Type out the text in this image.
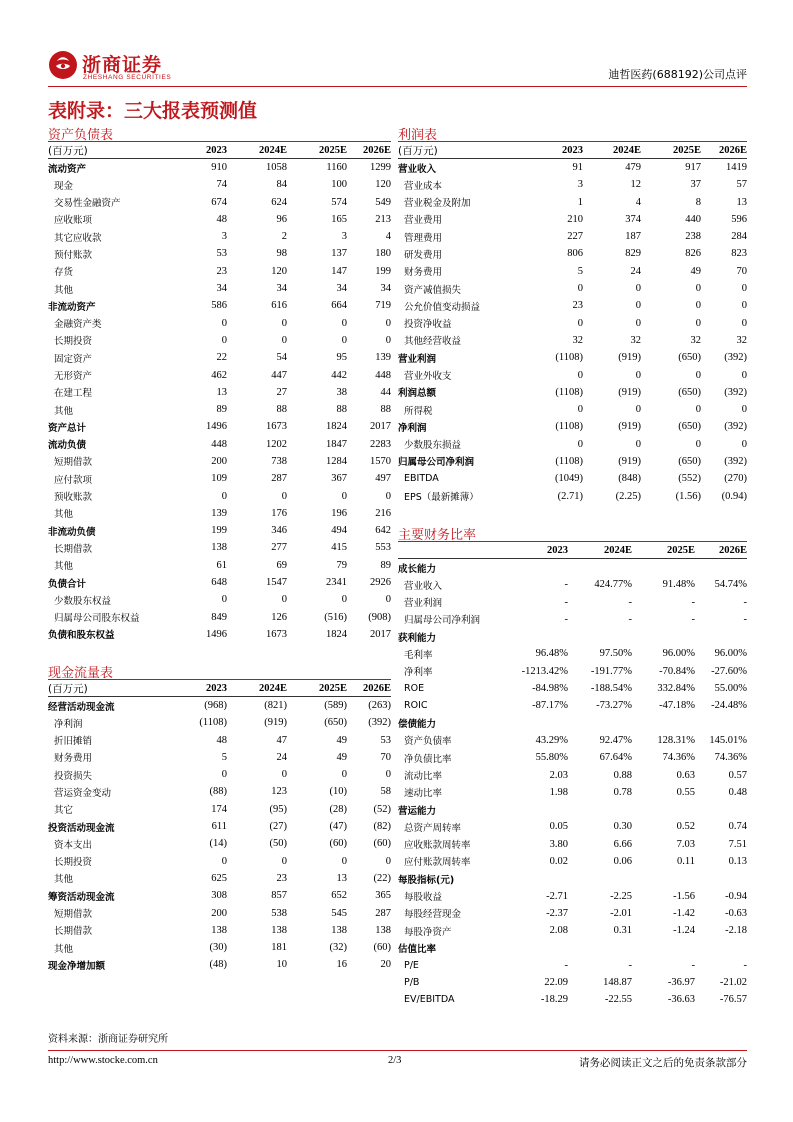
浙商证券
ZHESHANG SECURITIES	迪哲医药(688192)公司点评
表附录：三大报表预测值
资产负债表	利润表
现金流量表
主要财务比率
(百万元)	2023	2024E	2025E	2026E
流动资产	910	1058	1160	1299
现金	74	84	100	120
交易性金融资产	674	624	574	549
应收账项	48	96	165	213
其它应收款	3	2	3	4
预付账款	53	98	137	180
存货	23	120	147	199
其他	34	34	34	34
非流动资产	586	616	664	719
金融资产类	0	0	0	0
长期投资	0	0	0	0
固定资产	22	54	95	139
无形资产	462	447	442	448
在建工程	13	27	38	44
其他	89	88	88	88
资产总计	1496	1673	1824	2017
流动负债	448	1202	1847	2283
短期借款	200	738	1284	1570
应付款项	109	287	367	497
预收账款	0	0	0	0
其他	139	176	196	216
非流动负债	199	346	494	642
长期借款	138	277	415	553
其他	61	69	79	89
负债合计	648	1547	2341	2926
少数股东权益	0	0	0	0
归属母公司股东权益	849	126	(516)	(908)
负债和股东权益	1496	1673	1824	2017
(百万元)	2023	2024E	2025E	2026E
营业收入	91	479	917	1419
营业成本	3	12	37	57
营业税金及附加	1	4	8	13
营业费用	210	374	440	596
管理费用	227	187	238	284
研发费用	806	829	826	823
财务费用	5	24	49	70
资产减值损失	0	0	0	0
公允价值变动损益	23	0	0	0
投资净收益	0	0	0	0
其他经营收益	32	32	32	32
营业利润	(1108)	(919)	(650)	(392)
营业外收支	0	0	0	0
利润总额	(1108)	(919)	(650)	(392)
所得税	0	0	0	0
净利润	(1108)	(919)	(650)	(392)
少数股东损益	0	0	0	0
归属母公司净利润	(1108)	(919)	(650)	(392)
EBITDA	(1049)	(848)	(552)	(270)
EPS（最新摊薄）	(2.71)	(2.25)	(1.56)	(0.94)
(百万元)	2023	2024E	2025E	2026E
经营活动现金流	(968)	(821)	(589)	(263)
净利润	(1108)	(919)	(650)	(392)
折旧摊销	48	47	49	53
财务费用	5	24	49	70
投资损失	0	0	0	0
营运资金变动	(88)	123	(10)	58
其它	174	(95)	(28)	(52)
投资活动现金流	611	(27)	(47)	(82)
资本支出	(14)	(50)	(60)	(60)
长期投资	0	0	0	0
其他	625	23	13	(22)
筹资活动现金流	308	857	652	365
短期借款	200	538	545	287
长期借款	138	138	138	138
其他	(30)	181	(32)	(60)
现金净增加额	(48)	10	16	20
	2023	2024E	2025E	2026E
成长能力				
营业收入	-	424.77%	91.48%	54.74%
营业利润	-	-	-	-
归属母公司净利润	-	-	-	-
获利能力				
毛利率	96.48%	97.50%	96.00%	96.00%
净利率	-1213.42%	-191.77%	-70.84%	-27.60%
ROE	-84.98%	-188.54%	332.84%	55.00%
ROIC	-87.17%	-73.27%	-47.18%	-24.48%
偿债能力				
资产负债率	43.29%	92.47%	128.31%	145.01%
净负债比率	55.80%	67.64%	74.36%	74.36%
流动比率	2.03	0.88	0.63	0.57
速动比率	1.98	0.78	0.55	0.48
营运能力				
总资产周转率	0.05	0.30	0.52	0.74
应收账款周转率	3.80	6.66	7.03	7.51
应付账款周转率	0.02	0.06	0.11	0.13
每股指标(元)				
每股收益	-2.71	-2.25	-1.56	-0.94
每股经营现金	-2.37	-2.01	-1.42	-0.63
每股净资产	2.08	0.31	-1.24	-2.18
估值比率				
P/E	-	-	-	-
P/B	22.09	148.87	-36.97	-21.02
EV/EBITDA	-18.29	-22.55	-36.63	-76.57
资料来源：浙商证券研究所
http://www.stocke.com.cn	2/3	请务必阅读正文之后的免责条款部分
